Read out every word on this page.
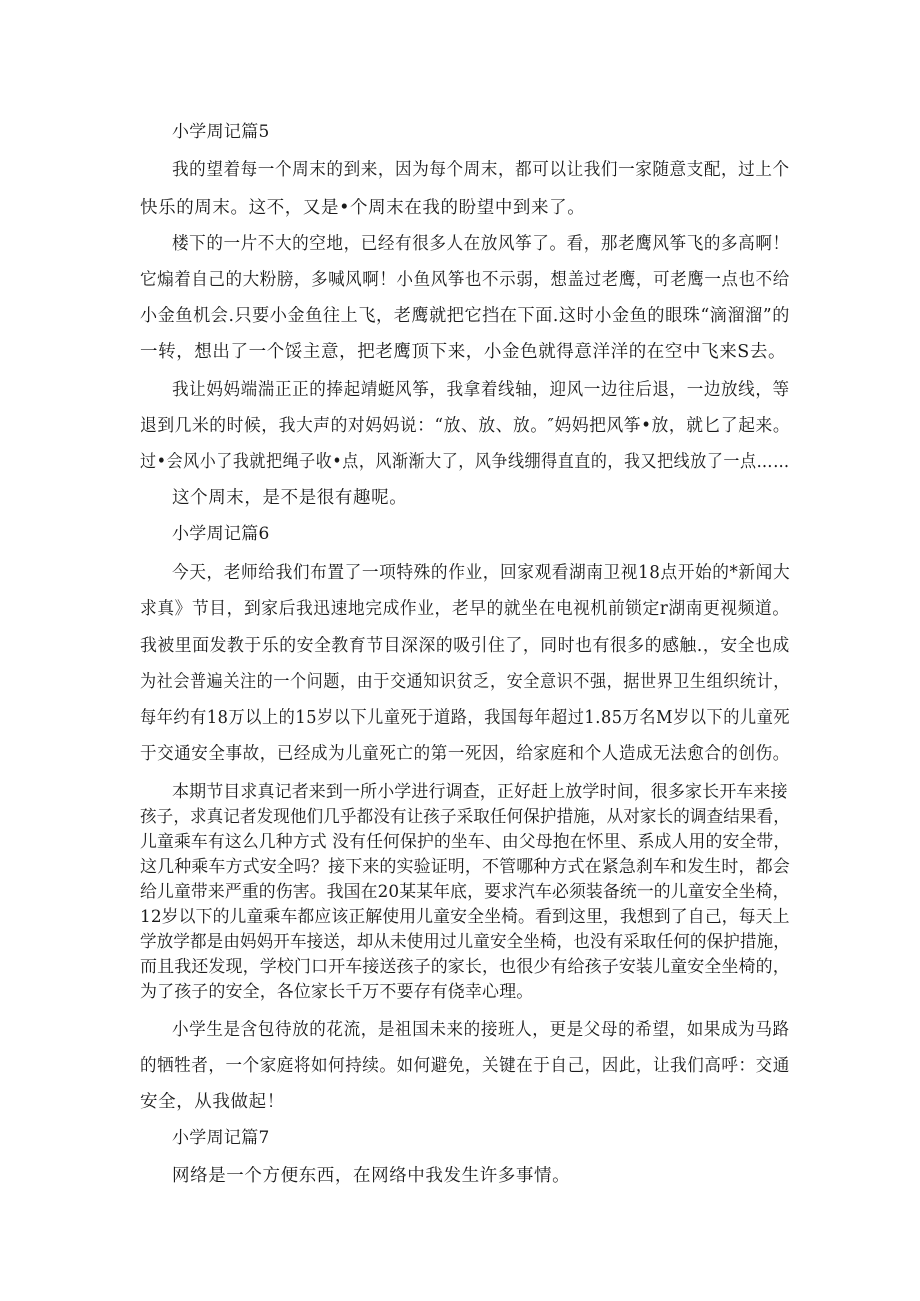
小学周记篇5

我的望着每一个周末的到来，因为每个周末，都可以让我们一家随意支配，过上个

快乐的周末。这不，又是•个周末在我的盼望中到来了。

楼下的一片不大的空地，已经有很多人在放风筝了。看，那老鹰风筝飞的多高啊！

它煽着自己的大粉膀，多喊风啊！小鱼风筝也不示弱，想盖过老鹰，可老鹰一点也不给

小金鱼机会.只要小金鱼往上飞，老鹰就把它挡在下面.这时小金鱼的眼珠“滴溜溜”的

一转，想出了一个馁主意，把老鹰顶下来，小金色就得意洋洋的在空中飞来S去。

我让妈妈端湍正正的捧起靖蜓风筝，我拿着线轴，迎风一边往后退，一边放线，等

退到几米的时候，我大声的对妈妈说：“放、放、放。″妈妈把风筝•放，就匕了起来。

过•会风小了我就把绳子收•点，风渐渐大了，风争线绷得直直的，我又把线放了一点……

这个周末，是不是很有趣呢。

小学周记篇6

今天，老师给我们布置了一项特殊的作业，回家观看湖南卫视18点开始的*新闻大

求真》节目，到家后我迅速地完成作业，老早的就坐在电视机前锁定r湖南更视频道。

我被里面发教于乐的安全教育节目深深的吸引住了，同时也有很多的感触.，安全也成

为社会普遍关注的一个问题，由于交通知识贫乏，安全意识不强，据世界卫生组织统计，

每年约有18万以上的15岁以下儿童死于道路，我国每年超过1.85万名M岁以下的儿童死

于交通安全事故，已经成为儿童死亡的第一死因，给家庭和个人造成无法愈合的创伤。

本期节目求真记者来到一所小学进行调查，正好赶上放学时间，很多家长开车来接

孩子，求真记者发现他们几乎都没有让孩子采取任何保护措施，从对家长的调查结果看，

儿童乘车有这么几种方式 没有任何保护的坐车、由父母抱在怀里、系成人用的安全带，

这几种乘车方式安全吗？接下来的实验证明，不管哪种方式在紧急刹车和发生时，都会

给儿童带来严重的伤害。我国在20某某年底，要求汽车必须装备统一的儿童安全坐椅，

12岁以下的儿童乘车都应该正解使用儿童安全坐椅。看到这里，我想到了自己，每天上

学放学都是由妈妈开车接送，却从未使用过儿童安全坐椅，也没有采取任何的保护措施，

而且我还发现，学校门口开车接送孩子的家长，也很少有给孩子安装儿童安全坐椅的，

为了孩子的安全，各位家长千万不要存有侥幸心理。

小学生是含包待放的花流，是祖国未来的接班人，更是父母的希望，如果成为马路

的牺牲者，一个家庭将如何持续。如何避免，关键在于自己，因此，让我们高呼：交通

安全，从我做起！

小学周记篇7

网络是一个方便东西，在网络中我发生许多事情。
